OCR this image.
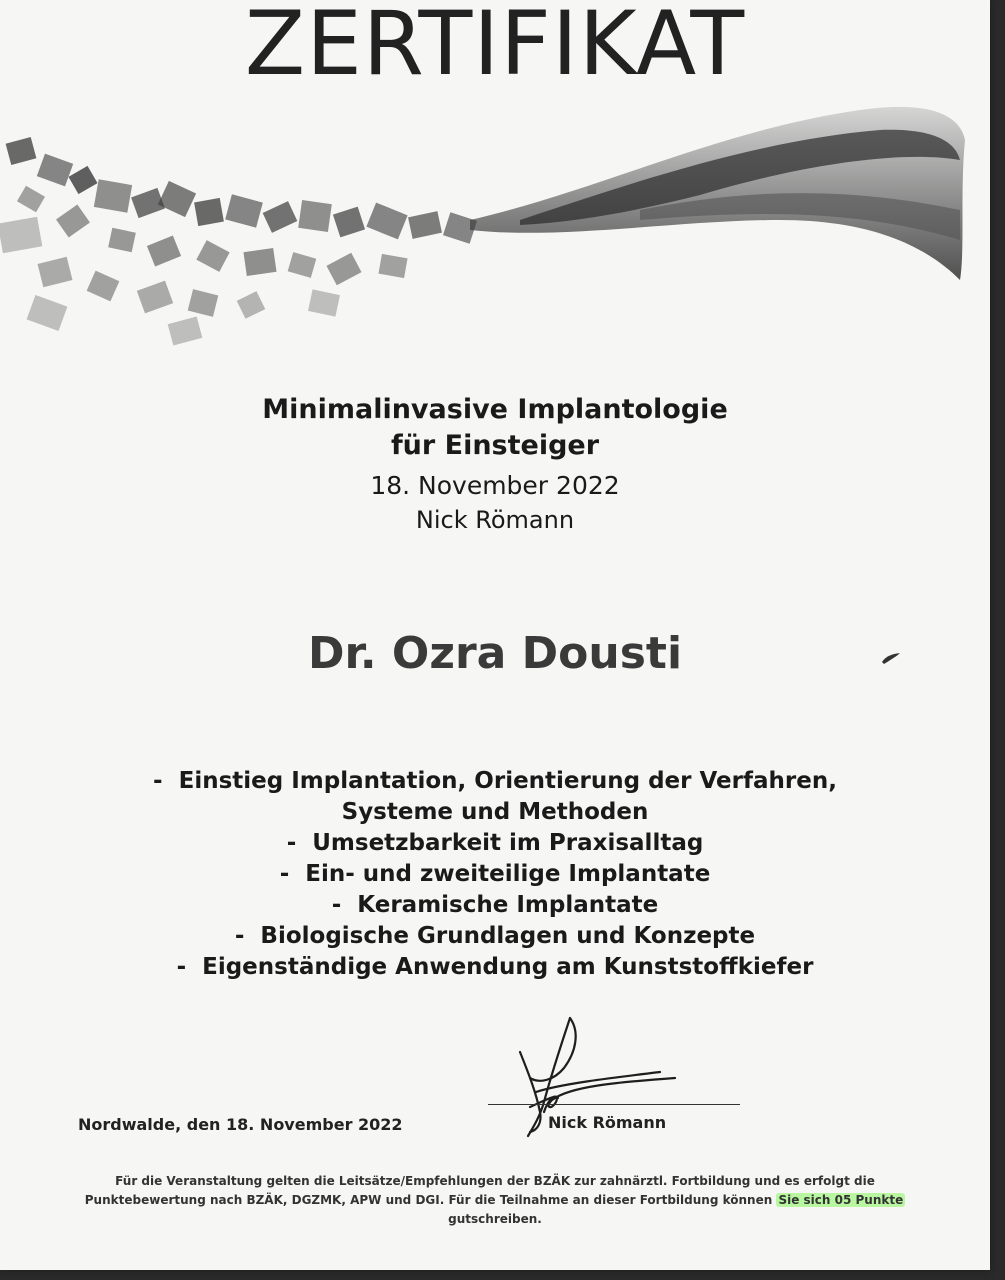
ZERTIFIKAT
Minimalinvasive Implantologie
für Einsteiger
18. November 2022
Nick Römann
Dr. Ozra Dousti
-  Einstieg Implantation, Orientierung der Verfahren,
Systeme und Methoden
-  Umsetzbarkeit im Praxisalltag
-  Ein- und zweiteilige Implantate
-  Keramische Implantate
-  Biologische Grundlagen und Konzepte
-  Eigenständige Anwendung am Kunststoffkiefer
Nordwalde, den 18. November 2022	Nick Römann
Für die Veranstaltung gelten die Leitsätze/Empfehlungen der BZÄK zur zahnärztl. Fortbildung und es erfolgt die
Punktebewertung nach BZÄK, DGZMK, APW und DGI. Für die Teilnahme an dieser Fortbildung können Sie sich 05 Punkte
gutschreiben.
